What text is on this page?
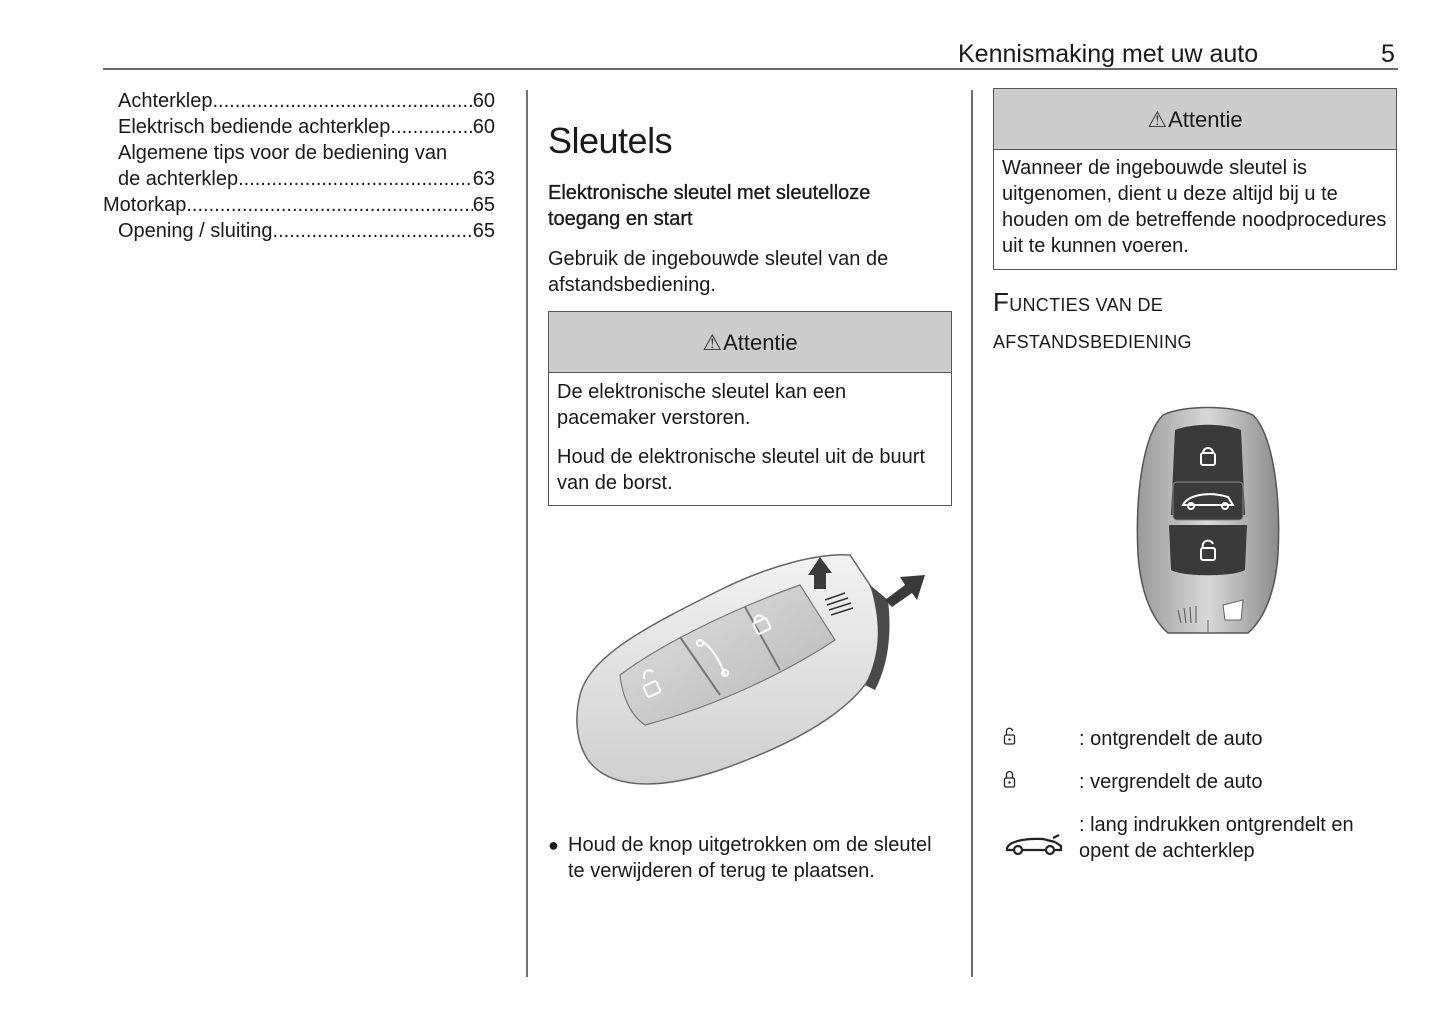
Kennismaking met uw auto	5
Achterklep .....	60
Elektrisch bediende achterklep .....	60
Algemene tips voor de bediening van
de achterklep .....	63
Motorkap .....	65
Opening / sluiting .....	65
Sleutels
Elektronische sleutel met sleutelloze toegang en start
Gebruik de ingebouwde sleutel van de afstandsbediening.
⚠Attentie
De elektronische sleutel kan een pacemaker verstoren.
Houd de elektronische sleutel uit de buurt van de borst.
● Houd de knop uitgetrokken om de sleutel te verwijderen of terug te plaatsen.
⚠Attentie
Wanneer de ingebouwde sleutel is uitgenomen, dient u deze altijd bij u te houden om de betreffende noodprocedures uit te kunnen voeren.
FUNCTIES VAN DE
AFSTANDSBEDIENING
: ontgrendelt de auto
: vergrendelt de auto
: lang indrukken ontgrendelt en opent de achterklep
